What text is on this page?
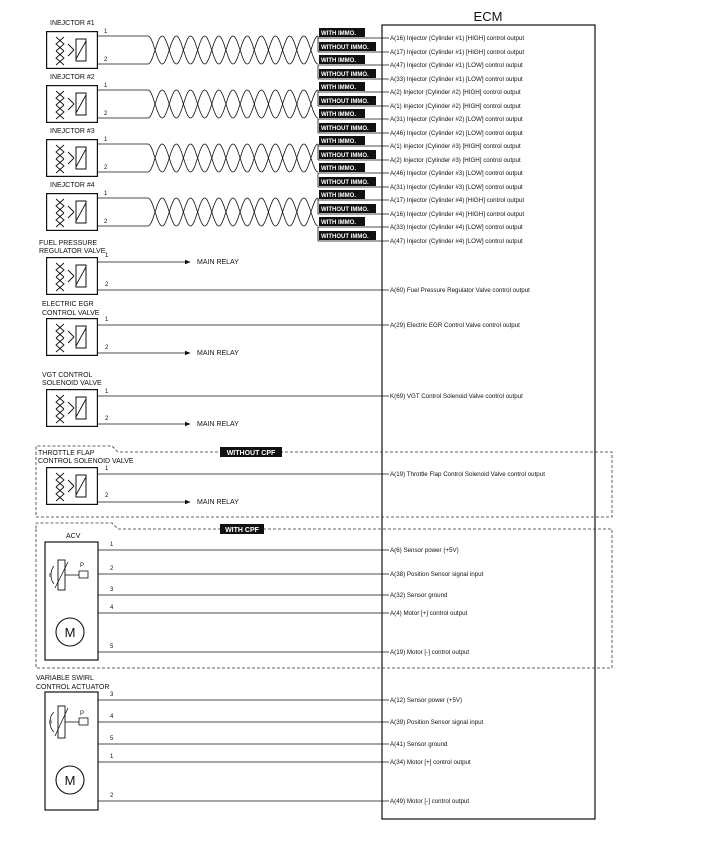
ECM
INEJCTOR #1
1
2
WITH IMMO.
A(16) Injector (Cylinder #1) [HIGH] control output
WITHOUT IMMO.
A(17) Injector (Cylinder #1) [HIGH] control output
WITH IMMO.
A(47) Injector (Cylinder #1) [LOW] control output
WITHOUT IMMO.
A(33) Injector (Cylinder #1) [LOW] control output
INEJCTOR #2
1
2
WITH IMMO.
A(2) Injector (Cylinder #2) [HIGH] control output
WITHOUT IMMO.
A(1) Injector (Cylinder #2) [HIGH] control output
WITH IMMO.
A(31) Injector (Cylinder #2) [LOW] control output
WITHOUT IMMO.
A(46) Injector (Cylinder #2) [LOW] control output
INEJCTOR #3
1
2
WITH IMMO.
A(1) Injector (Cylinder #3) [HIGH] control output
WITHOUT IMMO.
A(2) Injector (Cylinder #3) [HIGH] control output
WITH IMMO.
A(46) Injector (Cylinder #3) [LOW] control output
WITHOUT IMMO.
A(31) Injector (Cylinder #3) [LOW] control output
INEJCTOR #4
1
2
WITH IMMO.
A(17) Injector (Cylinder #4) [HIGH] control output
WITHOUT IMMO.
A(16) Injector (Cylinder #4) [HIGH] control output
WITH IMMO.
A(33) Injector (Cylinder #4) [LOW] control output
WITHOUT IMMO.
A(47) Injector (Cylinder #4) [LOW] control output
FUEL PRESSURE
REGULATOR VALVE
1
2
MAIN RELAY
A(60) Fuel Pressure Regulator Valve control output
ELECTRIC EGR
CONTROL VALVE
1
2
A(29) Electric EGR Control Valve control output
MAIN RELAY
VGT CONTROL
SOLENOID VALVE
1
2
K(69) VGT Control Solenoid Valve control output
MAIN RELAY
WITHOUT CPF
THROTTLE FLAP
CONTROL SOLENOID VALVE
1
2
A(19) Throttle Flap Control Solenoid Valve control output
MAIN RELAY
WITH CPF
ACV
θ
P
M
1
A(6) Sensor power (+5V)
2
A(38) Position Sensor signal input
3
A(32) Sensor ground
4
A(4) Motor [+] control output
5
A(19) Motor [-] control output
VARIABLE SWIRL
CONTROL ACTUATOR
θ
P
M
3
A(12) Sensor power (+5V)
4
A(39) Position Sensor signal input
5
A(41) Sensor ground
1
A(34) Motor [+] control output
2
A(49) Motor [-] control output
